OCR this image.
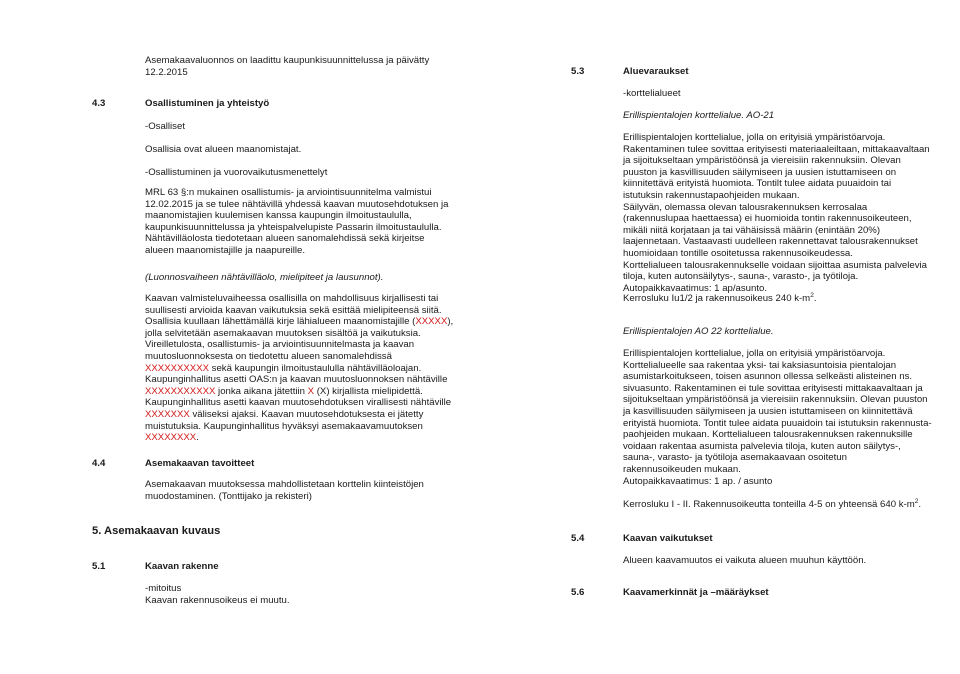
Asemakaavaluonnos on laadittu kaupunkisuunnittelussa ja päivätty
12.2.2015
4.3	Osallistuminen ja yhteistyö
-Osalliset
Osallisia ovat alueen maanomistajat.
-Osallistuminen ja vuorovaikutusmenettelyt
MRL 63 §:n mukainen osallistumis- ja arviointisuunnitelma valmistui
12.02.2015 ja se tulee nähtävillä yhdessä kaavan muutosehdotuksen ja
maanomistajien kuulemisen kanssa kaupungin ilmoitustaululla,
kaupunkisuunnittelussa ja yhteispalvelupiste Passarin ilmoitustaululla.
Nähtävilläolosta tiedotetaan alueen sanomalehdissä sekä kirjeitse
alueen maanomistajille ja naapureille.
(Luonnosvaiheen nähtävilläolo, mielipiteet ja lausunnot).
Kaavan valmisteluvaiheessa osallisilla on mahdollisuus kirjallisesti tai
suullisesti arvioida kaavan vaikutuksia sekä esittää mielipiteensä siitä.
Osallisia kuullaan lähettämällä kirje lähialueen maanomistajille (XXXXX),
jolla selvitetään asemakaavan muutoksen sisältöä ja vaikutuksia.
Vireilletulosta, osallistumis- ja arviointisuunnitelmasta ja kaavan
muutosluonnoksesta on tiedotettu alueen sanomalehdissä
XXXXXXXXXX sekä kaupungin ilmoitustaululla nähtävilläoloajan.
Kaupunginhallitus asetti OAS:n ja kaavan muutosluonnoksen nähtäville
XXXXXXXXXXX jonka aikana jätettiin X (X) kirjallista mielipidettä.
Kaupunginhallitus asetti kaavan muutosehdotuksen virallisesti nähtäville
XXXXXXX väliseksi ajaksi. Kaavan muutosehdotuksesta ei jätetty
muistutuksia. Kaupunginhallitus hyväksyi asemakaavamuutoksen
XXXXXXXX.
4.4	Asemakaavan tavoitteet
Asemakaavan muutoksessa mahdollistetaan korttelin kiinteistöjen
muodostaminen. (Tonttijako ja rekisteri)
5. Asemakaavan kuvaus
5.1	Kaavan rakenne
-mitoitus
Kaavan rakennusoikeus ei muutu.
5.3	Aluevaraukset
-korttelialueet
Erillispientalojen korttelialue. AO-21
Erillispientalojen korttelialue, jolla on erityisiä ympäristöarvoja.
Rakentaminen tulee sovittaa erityisesti materiaaleiltaan, mittakaavaltaan
ja sijoitukseltaan ympäristöönsä ja viereisiin rakennuksiin. Olevan
puuston ja kasvillisuuden säilymiseen ja uusien istuttamiseen on
kiinnitettävä erityistä huomiota. Tontilt tulee aidata puuaidoin tai
istutuksin rakennustapaohjeiden mukaan.
Säilyvän, olemassa olevan talousrakennuksen kerrosalaa
(rakennuslupaa haettaessa) ei huomioida tontin rakennusoikeuteen,
mikäli niitä korjataan ja tai vähäisissä määrin (enintään 20%)
laajennetaan. Vastaavasti uudelleen rakennettavat talousrakennukset
huomioidaan tontille osoitetussa rakennusoikeudessa.
Korttelialueen talousrakennukselle voidaan sijoittaa asumista palvelevia
tiloja, kuten autonsäilytys-, sauna-, varasto-, ja työtiloja.
Autopaikkavaatimus: 1 ap/asunto.
Kerrosluku Iu1/2 ja rakennusoikeus 240 $k-m^2$.
Erillispientalojen AO 22 korttelialue.
Erillispientalojen korttelialue, jolla on erityisiä ympäristöarvoja.
Korttelialueelle saa rakentaa yksi- tai kaksiasuntoisia pientalojan
asumistarkoitukseen, toisen asunnon ollessa selkeästi alisteinen ns.
sivuasunto. Rakentaminen ei tule sovittaa erityisesti mittakaavaltaan ja
sijoitukseltaan ympäristöönsä ja viereisiin rakennuksiin. Olevan puuston
ja kasvillisuuden säilymiseen ja uusien istuttamiseen on kiinnitettävä
erityistä huomiota. Tontit tulee aidata puuaidoin tai istutuksin rakennusta-
paohjeiden mukaan. Korttelialueen talousrakennuksen rakennuksille
voidaan rakentaa asumista palvelevia tiloja, kuten auton säilytys-,
sauna-, varasto- ja työtiloja asemakaavaan osoitetun
rakennusoikeuden mukaan.
Autopaikkavaatimus: 1 ap. / asunto
Kerrosluku I - II. Rakennusoikeutta tonteilla 4-5 on yhteensä 640 $k-m^2$.
5.4	Kaavan vaikutukset
Alueen kaavamuutos ei vaikuta alueen muuhun käyttöön.
5.6	Kaavamerkinnät ja –määräykset
